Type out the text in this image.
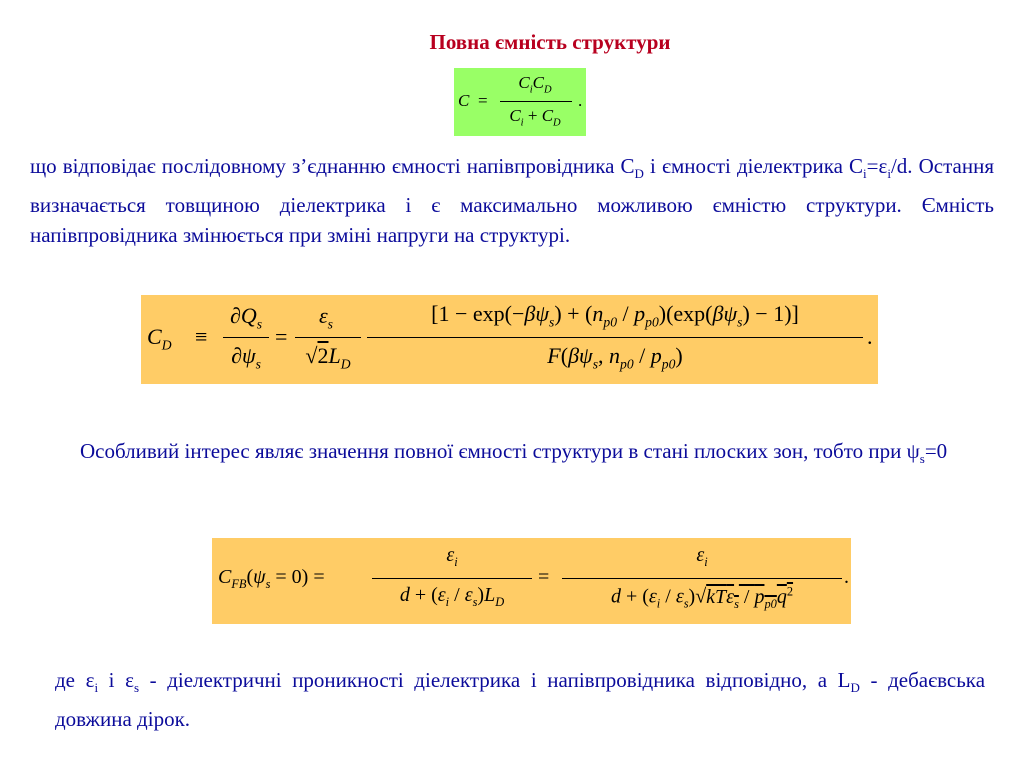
Повна ємність структури
C =
$C_iC_D$
$C_i + C_D$
.

що відповідає послідовному з’єднанню ємності напівпровідника $C_D$ і ємності діелектрика $C_i=\varepsilon_i/d$. Остання визначається товщиною діелектрика і є максимально можливою ємністю структури. Ємність напівпровідника змінюється при зміні напруги на структурі.

$C_D$ ≡
$\partial Q_s$
$\partial\psi_s$
=
$\varepsilon_s$
$√2L_D$
$[1 - \exp(-\beta\psi_s) + (n_{p0} / p_{p0})(\exp(\beta\psi_s) - 1)]$
$F(\beta\psi_s$, $n_{p0} / p_{p0}$)
.

Особливий інтерес являє значення повної ємності структури в стані плоских зон, тобто при $\psi_s=0$

$C_{FB}(\psi_s = 0)$ =
$\varepsilon_i$
$d + (\varepsilon_i / \varepsilon_s)L_D$
=
$\varepsilon_i$
$d + (\varepsilon_i / \varepsilon_s)√kT\varepsilon_s / p_{p0}q^2$
.

де $\varepsilon_i$ і $\varepsilon_s$ - діелектричні проникності діелектрика і напівпровідника відповідно, а $L_D$ - дебаєвська довжина дірок.
